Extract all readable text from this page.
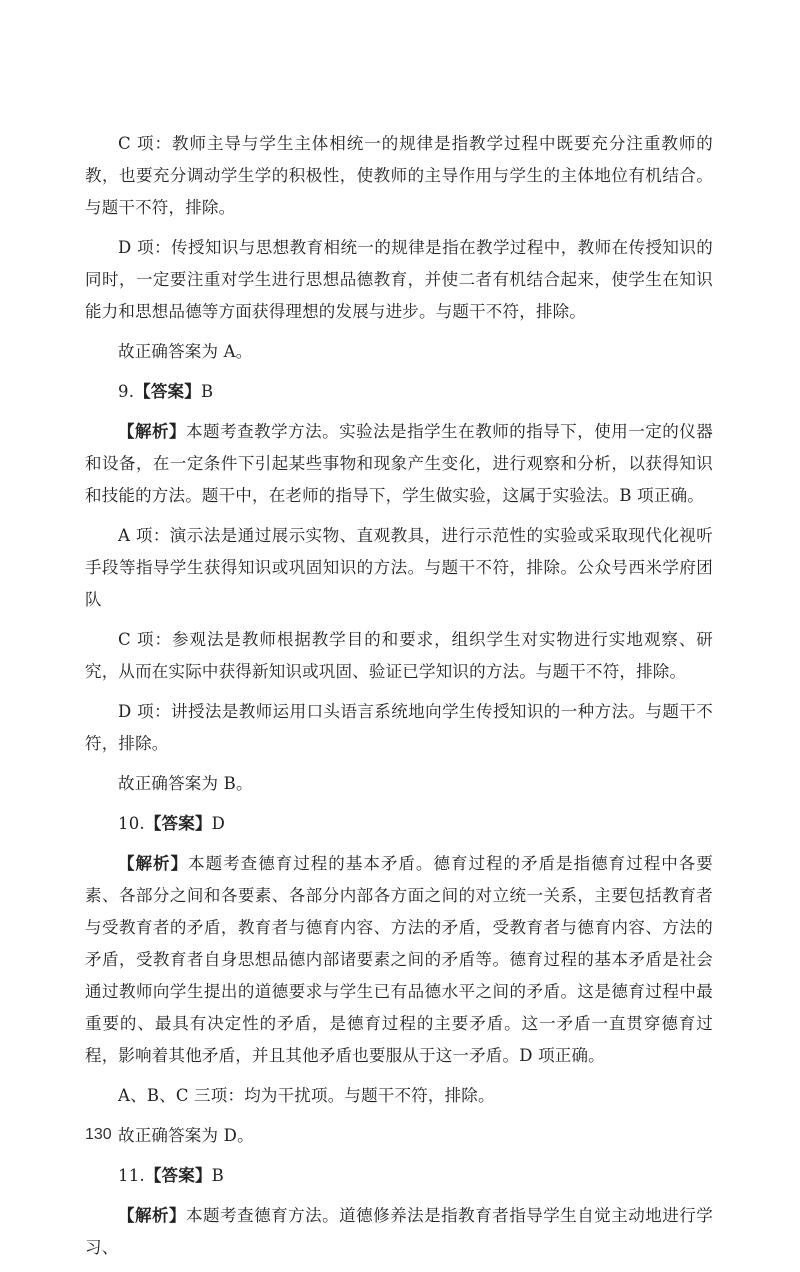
C 项：教师主导与学生主体相统一的规律是指教学过程中既要充分注重教师的教，也要充分调动学生学的积极性，使教师的主导作用与学生的主体地位有机结合。与题干不符，排除。

D 项：传授知识与思想教育相统一的规律是指在教学过程中，教师在传授知识的同时，一定要注重对学生进行思想品德教育，并使二者有机结合起来，使学生在知识能力和思想品德等方面获得理想的发展与进步。与题干不符，排除。

故正确答案为 A。

9.【答案】B

【解析】本题考查教学方法。实验法是指学生在教师的指导下，使用一定的仪器和设备，在一定条件下引起某些事物和现象产生变化，进行观察和分析，以获得知识和技能的方法。题干中，在老师的指导下，学生做实验，这属于实验法。B 项正确。

A 项：演示法是通过展示实物、直观教具，进行示范性的实验或采取现代化视听手段等指导学生获得知识或巩固知识的方法。与题干不符，排除。公众号西米学府团队

C 项：参观法是教师根据教学目的和要求，组织学生对实物进行实地观察、研究，从而在实际中获得新知识或巩固、验证已学知识的方法。与题干不符，排除。

D 项：讲授法是教师运用口头语言系统地向学生传授知识的一种方法。与题干不符，排除。

故正确答案为 B。

10.【答案】D

【解析】本题考查德育过程的基本矛盾。德育过程的矛盾是指德育过程中各要素、各部分之间和各要素、各部分内部各方面之间的对立统一关系，主要包括教育者与受教育者的矛盾，教育者与德育内容、方法的矛盾，受教育者与德育内容、方法的矛盾，受教育者自身思想品德内部诸要素之间的矛盾等。德育过程的基本矛盾是社会通过教师向学生提出的道德要求与学生已有品德水平之间的矛盾。这是德育过程中最重要的、最具有决定性的矛盾，是德育过程的主要矛盾。这一矛盾一直贯穿德育过程，影响着其他矛盾，并且其他矛盾也要服从于这一矛盾。D 项正确。

A、B、C 三项：均为干扰项。与题干不符，排除。

故正确答案为 D。

11.【答案】B

【解析】本题考查德育方法。道德修养法是指教育者指导学生自觉主动地进行学习、

130
